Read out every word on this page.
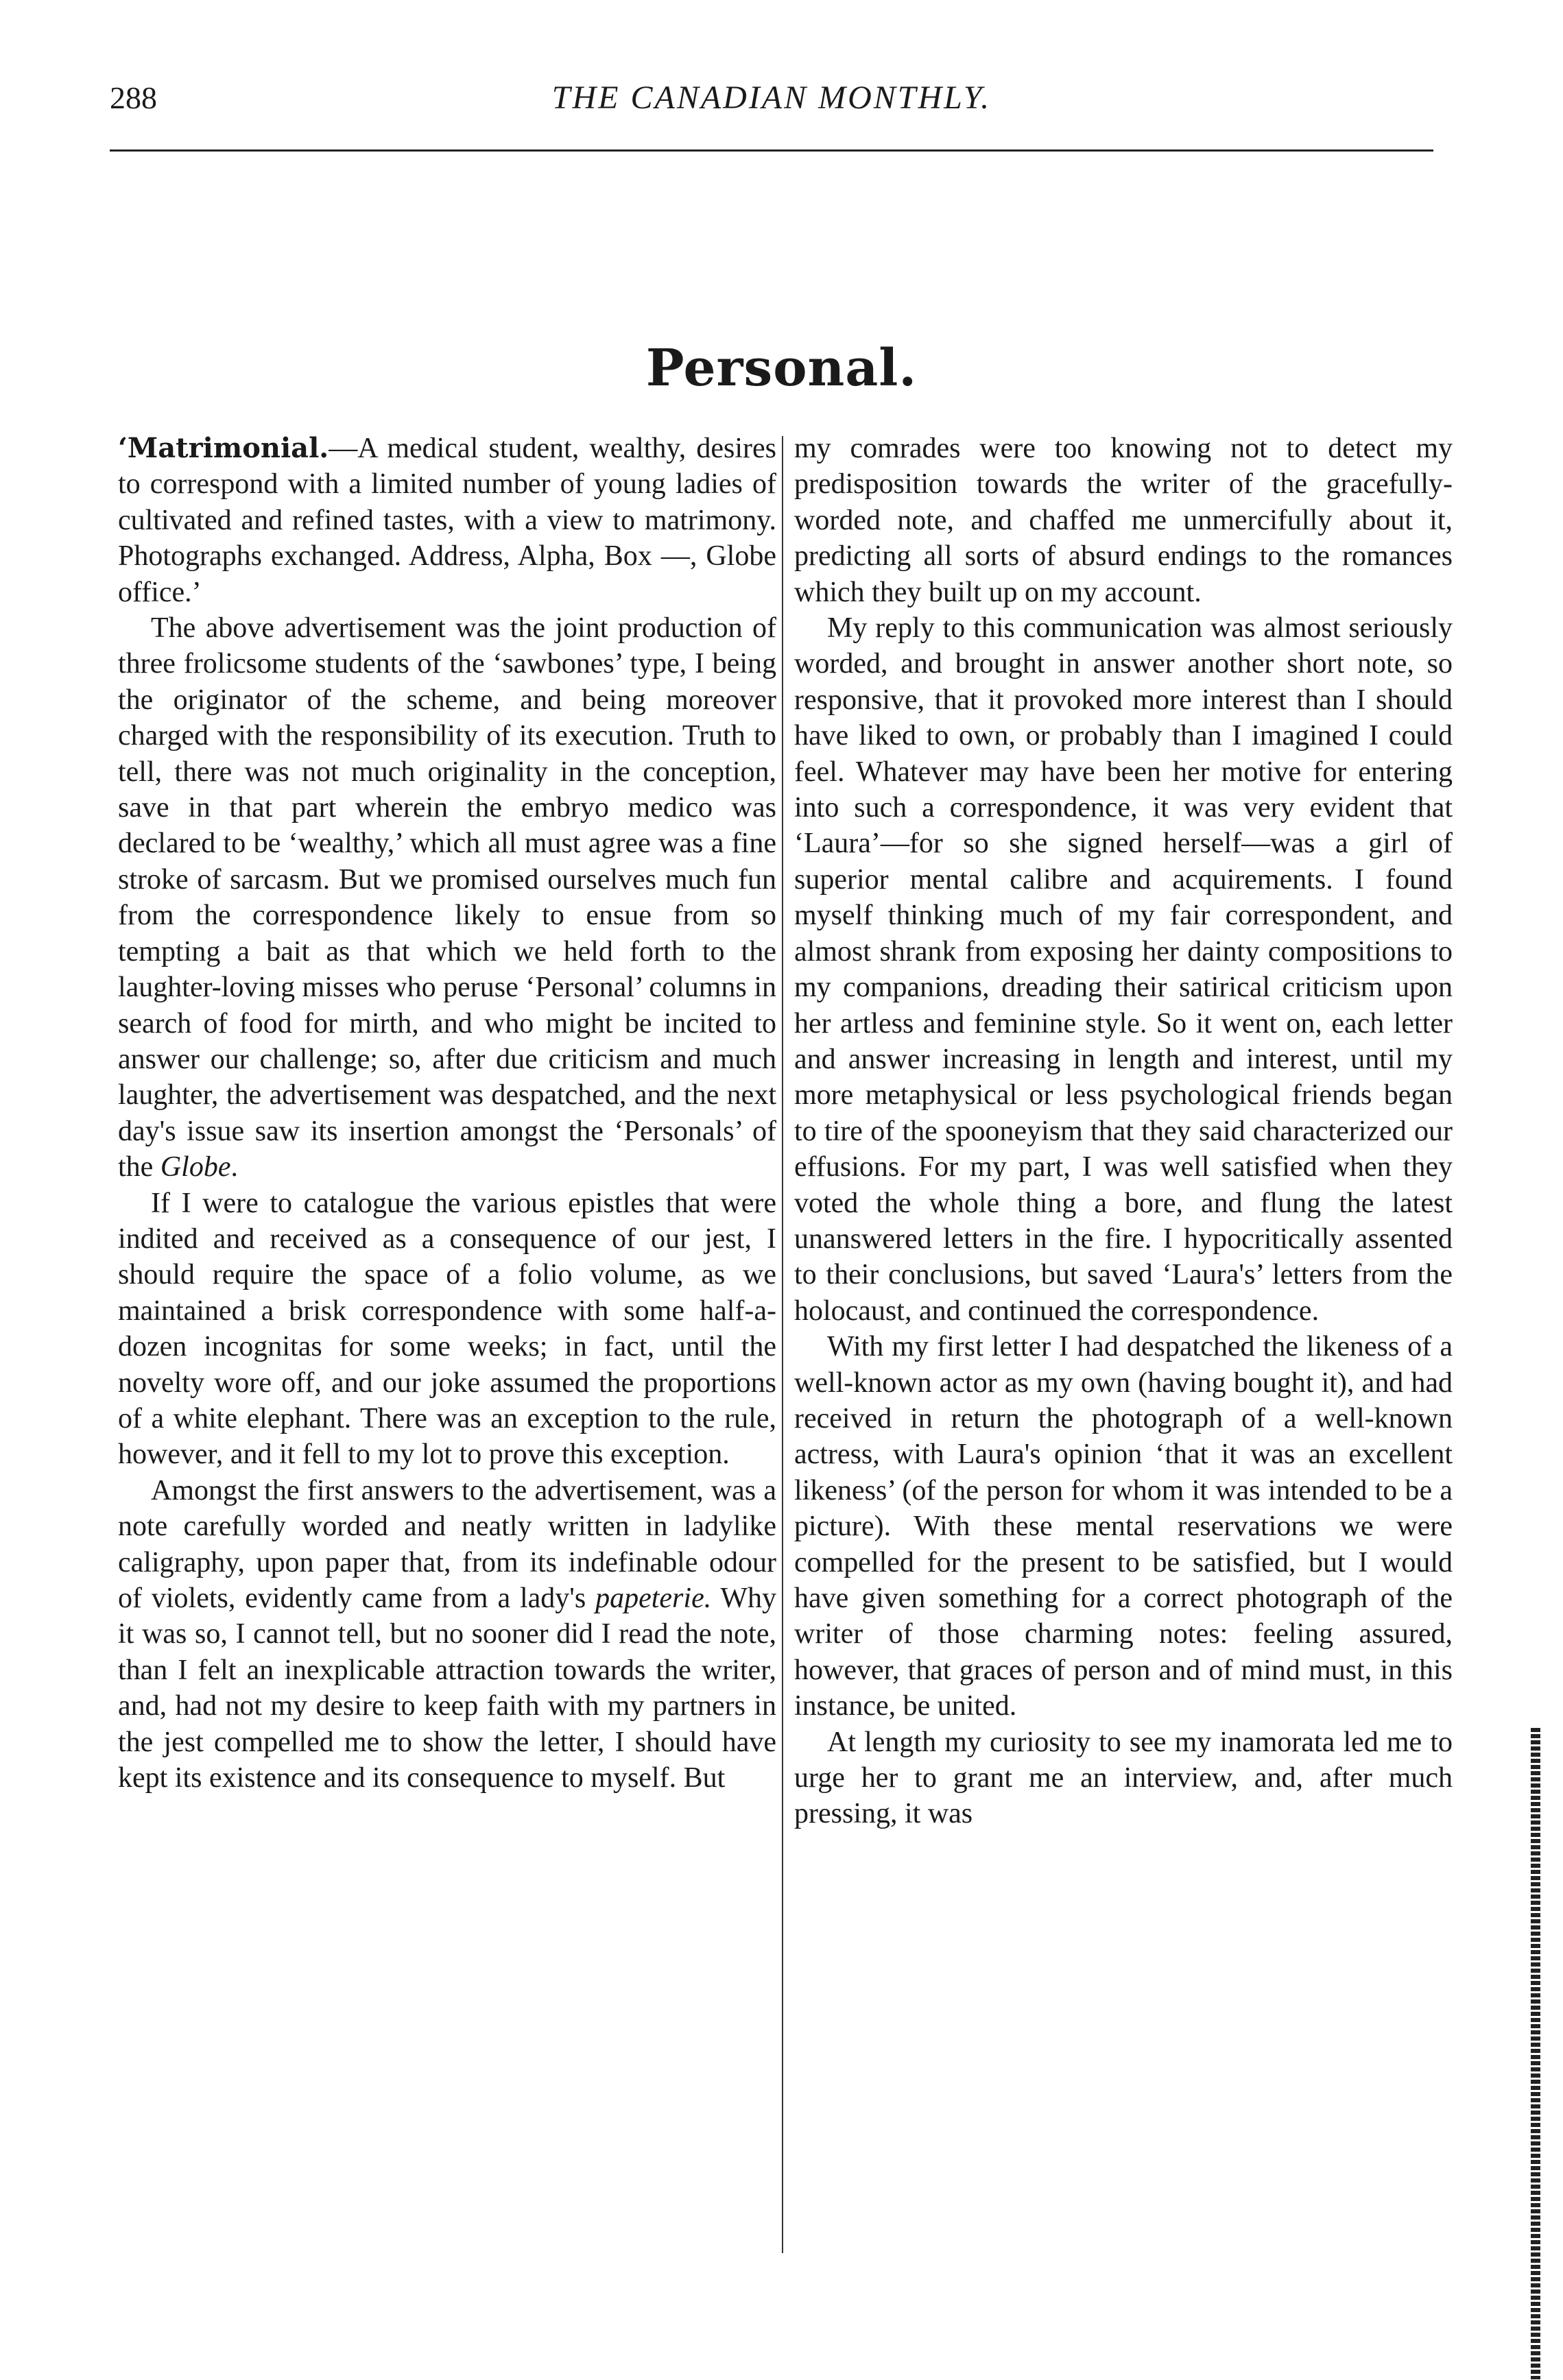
THE CANADIAN MONTHLY.
288
Personal.

‘Matrimonial.—A medical student, wealthy, desires to correspond with a limited number of young ladies of cultivated and refined tastes, with a view to matrimony. Photographs exchanged. Address, Alpha, Box —, Globe office.’

The above advertisement was the joint production of three frolicsome students of the ‘sawbones’ type, I being the originator of the scheme, and being moreover charged with the responsibility of its execution. Truth to tell, there was not much originality in the conception, save in that part wherein the embryo medico was declared to be ‘wealthy,’ which all must agree was a fine stroke of sarcasm. But we promised ourselves much fun from the correspondence likely to ensue from so tempting a bait as that which we held forth to the laughter-loving misses who peruse ‘Personal’ columns in search of food for mirth, and who might be incited to answer our challenge; so, after due criticism and much laughter, the advertisement was despatched, and the next day's issue saw its insertion amongst the ‘Personals’ of the Globe.

If I were to catalogue the various epistles that were indited and received as a consequence of our jest, I should require the space of a folio volume, as we maintained a brisk correspondence with some half-a-dozen incognitas for some weeks; in fact, until the novelty wore off, and our joke assumed the proportions of a white elephant. There was an exception to the rule, however, and it fell to my lot to prove this exception.

Amongst the first answers to the advertisement, was a note carefully worded and neatly written in ladylike caligraphy, upon paper that, from its indefinable odour of violets, evidently came from a lady's papeterie. Why it was so, I cannot tell, but no sooner did I read the note, than I felt an inexplicable attraction towards the writer, and, had not my desire to keep faith with my partners in the jest compelled me to show the letter, I should have kept its existence and its consequence to myself. But

my comrades were too knowing not to detect my predisposition towards the writer of the gracefully-worded note, and chaffed me unmercifully about it, predicting all sorts of absurd endings to the romances which they built up on my account.

My reply to this communication was almost seriously worded, and brought in answer another short note, so responsive, that it provoked more interest than I should have liked to own, or probably than I imagined I could feel. Whatever may have been her motive for entering into such a correspondence, it was very evident that ‘Laura’—for so she signed herself—was a girl of superior mental calibre and acquirements. I found myself thinking much of my fair correspondent, and almost shrank from exposing her dainty compositions to my companions, dreading their satirical criticism upon her artless and feminine style. So it went on, each letter and answer increasing in length and interest, until my more metaphysical or less psychological friends began to tire of the spooneyism that they said characterized our effusions. For my part, I was well satisfied when they voted the whole thing a bore, and flung the latest unanswered letters in the fire. I hypocritically assented to their conclusions, but saved ‘Laura's’ letters from the holocaust, and continued the correspondence.

With my first letter I had despatched the likeness of a well-known actor as my own (having bought it), and had received in return the photograph of a well-known actress, with Laura's opinion ‘that it was an excellent likeness’ (of the person for whom it was intended to be a picture). With these mental reservations we were compelled for the present to be satisfied, but I would have given something for a correct photograph of the writer of those charming notes: feeling assured, however, that graces of person and of mind must, in this instance, be united.

At length my curiosity to see my inamorata led me to urge her to grant me an interview, and, after much pressing, it was
